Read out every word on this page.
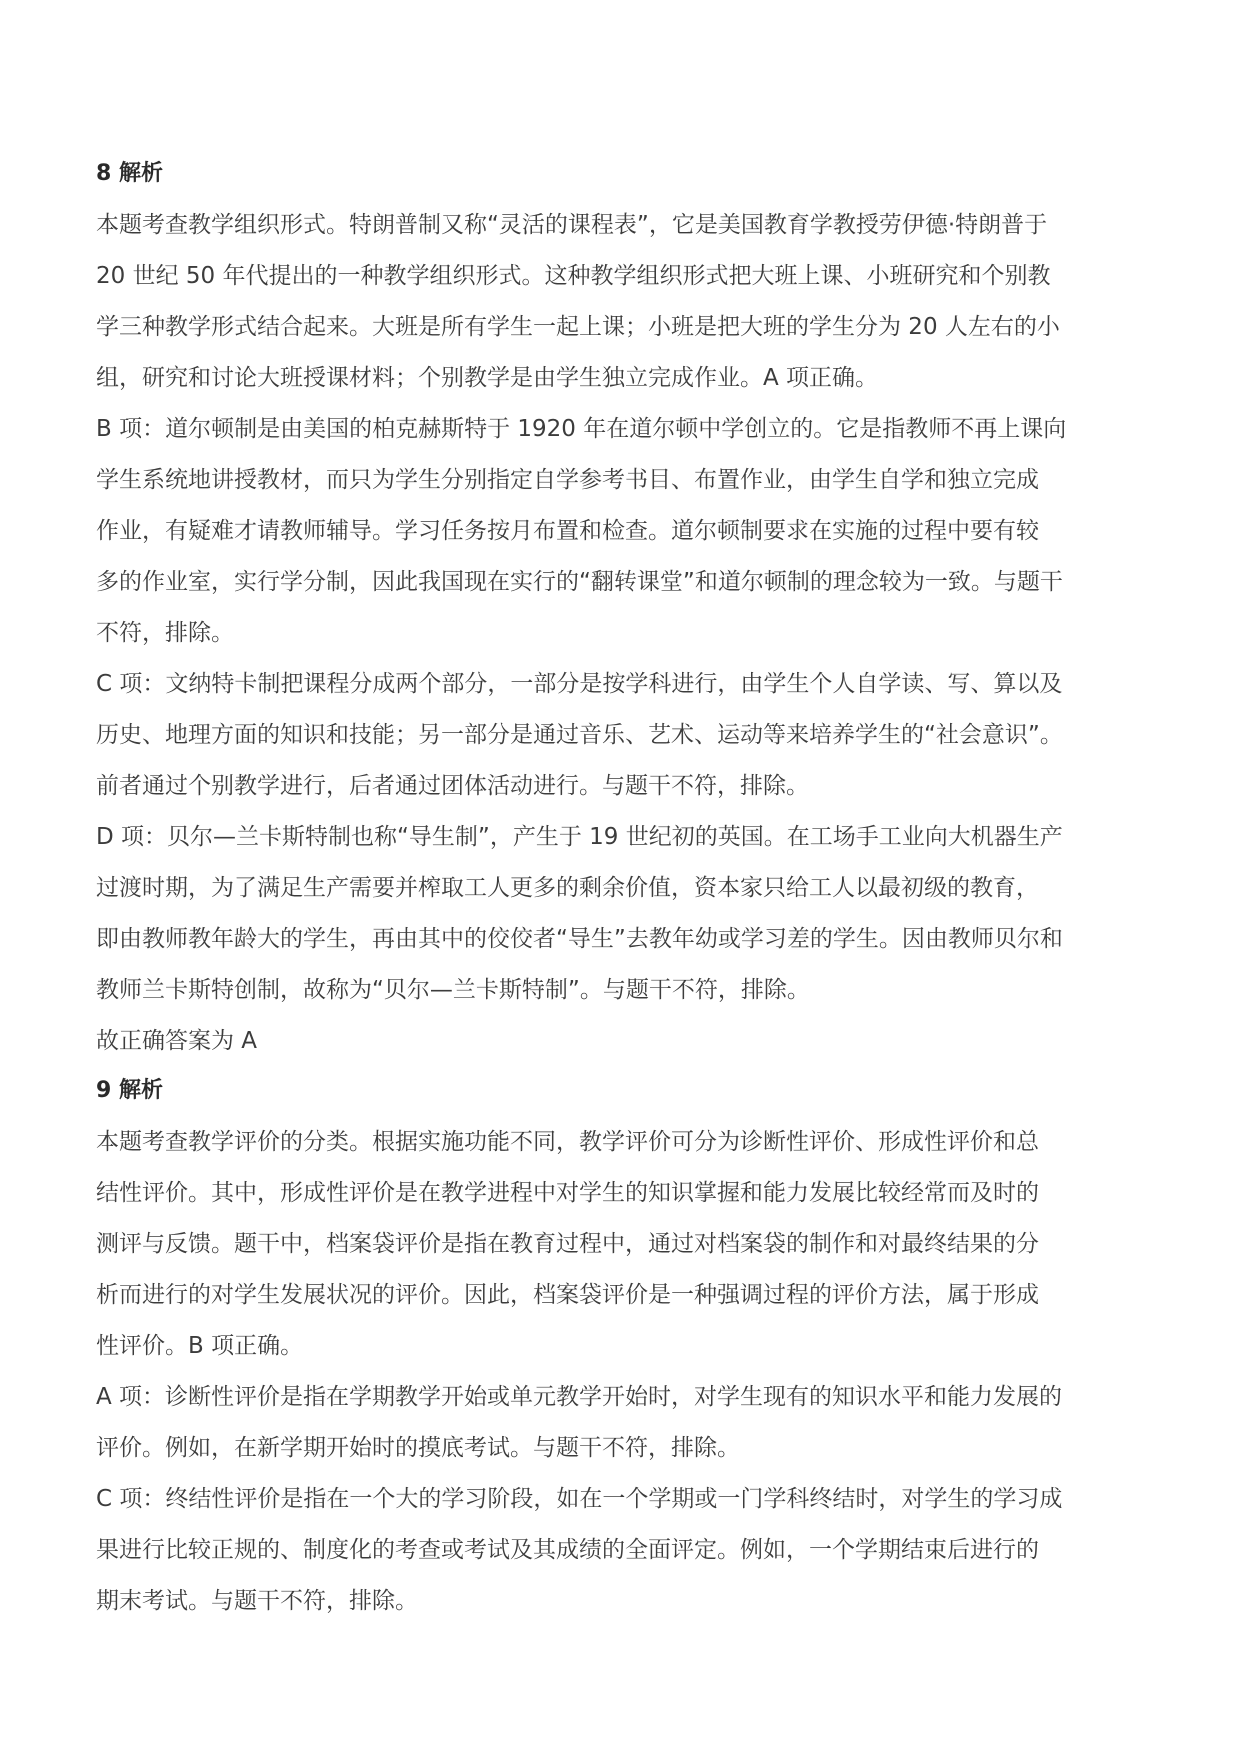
8 解析
本题考查教学组织形式。特朗普制又称“灵活的课程表”，它是美国教育学教授劳伊德·特朗普于
20 世纪 50 年代提出的一种教学组织形式。这种教学组织形式把大班上课、小班研究和个别教
学三种教学形式结合起来。大班是所有学生一起上课；小班是把大班的学生分为 20 人左右的小
组，研究和讨论大班授课材料；个别教学是由学生独立完成作业。A 项正确。
B 项：道尔顿制是由美国的柏克赫斯特于 1920 年在道尔顿中学创立的。它是指教师不再上课向
学生系统地讲授教材，而只为学生分别指定自学参考书目、布置作业，由学生自学和独立完成
作业，有疑难才请教师辅导。学习任务按月布置和检查。道尔顿制要求在实施的过程中要有较
多的作业室，实行学分制，因此我国现在实行的“翻转课堂”和道尔顿制的理念较为一致。与题干
不符，排除。
C 项：文纳特卡制把课程分成两个部分，一部分是按学科进行，由学生个人自学读、写、算以及
历史、地理方面的知识和技能；另一部分是通过音乐、艺术、运动等来培养学生的“社会意识”。
前者通过个别教学进行，后者通过团体活动进行。与题干不符，排除。
D 项：贝尔—兰卡斯特制也称“导生制”，产生于 19 世纪初的英国。在工场手工业向大机器生产
过渡时期，为了满足生产需要并榨取工人更多的剩余价值，资本家只给工人以最初级的教育，
即由教师教年龄大的学生，再由其中的佼佼者“导生”去教年幼或学习差的学生。因由教师贝尔和
教师兰卡斯特创制，故称为“贝尔—兰卡斯特制”。与题干不符，排除。
故正确答案为 A
9 解析
本题考查教学评价的分类。根据实施功能不同，教学评价可分为诊断性评价、形成性评价和总
结性评价。其中，形成性评价是在教学进程中对学生的知识掌握和能力发展比较经常而及时的
测评与反馈。题干中，档案袋评价是指在教育过程中，通过对档案袋的制作和对最终结果的分
析而进行的对学生发展状况的评价。因此，档案袋评价是一种强调过程的评价方法，属于形成
性评价。B 项正确。
A 项：诊断性评价是指在学期教学开始或单元教学开始时，对学生现有的知识水平和能力发展的
评价。例如，在新学期开始时的摸底考试。与题干不符，排除。
C 项：终结性评价是指在一个大的学习阶段，如在一个学期或一门学科终结时，对学生的学习成
果进行比较正规的、制度化的考查或考试及其成绩的全面评定。例如，一个学期结束后进行的
期末考试。与题干不符，排除。
